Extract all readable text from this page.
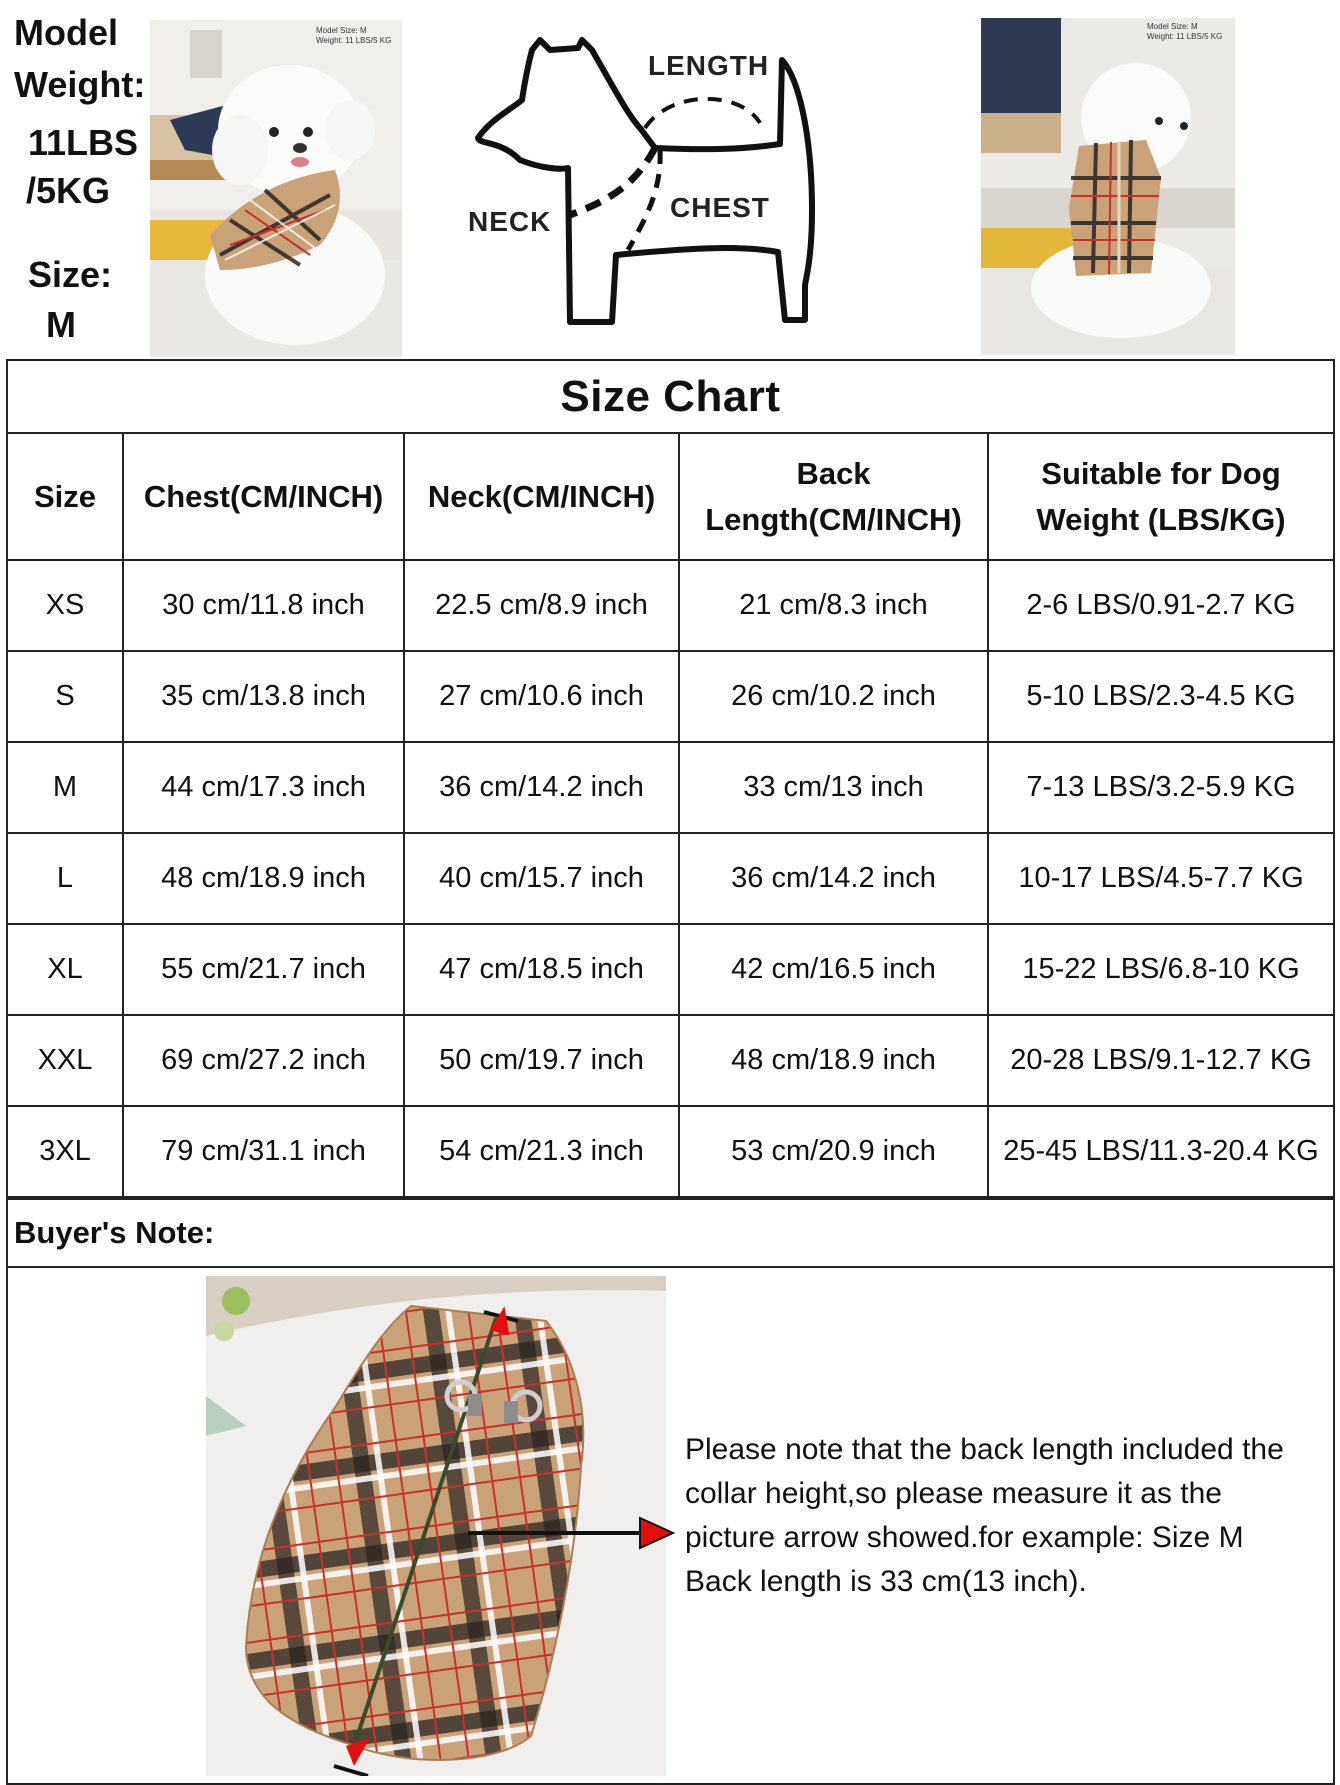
Model
Weight:
11LBS
/5KG
Size:
M
Model Size: M
Weight: 11 LBS/5 KG
LENGTH
CHEST
NECK
Model Size: M
Weight: 11 LBS/5 KG
Size Chart
Size	Chest(CM/INCH)	Neck(CM/INCH)	Back Length(CM/INCH)	Suitable for Dog Weight (LBS/KG)
XS	30 cm/11.8 inch	22.5 cm/8.9 inch	21 cm/8.3 inch	2-6 LBS/0.91-2.7 KG
S	35 cm/13.8 inch	27 cm/10.6 inch	26 cm/10.2 inch	5-10 LBS/2.3-4.5 KG
M	44 cm/17.3 inch	36 cm/14.2 inch	33 cm/13 inch	7-13 LBS/3.2-5.9 KG
L	48 cm/18.9 inch	40 cm/15.7 inch	36 cm/14.2 inch	10-17 LBS/4.5-7.7 KG
XL	55 cm/21.7 inch	47 cm/18.5 inch	42 cm/16.5 inch	15-22 LBS/6.8-10 KG
XXL	69 cm/27.2 inch	50 cm/19.7 inch	48 cm/18.9 inch	20-28 LBS/9.1-12.7 KG
3XL	79 cm/31.1 inch	54 cm/21.3 inch	53 cm/20.9 inch	25-45 LBS/11.3-20.4 KG
Buyer's Note:
Please note that the back length included the
collar height,so please measure it as the
picture arrow showed.for example: Size M
Back length is 33 cm(13 inch).
